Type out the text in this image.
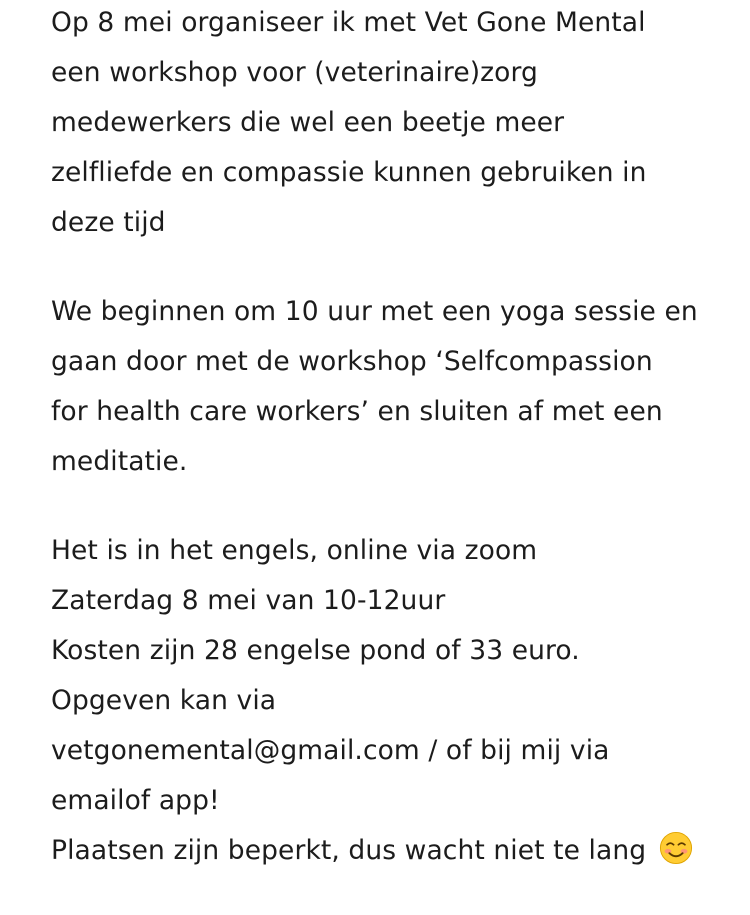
Op 8 mei organiseer ik met Vet Gone Mental
een workshop voor (veterinaire)zorg
medewerkers die wel een beetje meer
zelfliefde en compassie kunnen gebruiken in
deze tijd
We beginnen om 10 uur met een yoga sessie en
gaan door met de workshop ‘Selfcompassion
for health care workers’ en sluiten af met een
meditatie.
Het is in het engels, online via zoom
Zaterdag 8 mei van 10-12uur
Kosten zijn 28 engelse pond of 33 euro.
Opgeven kan via
vetgonemental@gmail.com / of bij mij via
emailof app!
Plaatsen zijn beperkt, dus wacht niet te lang
